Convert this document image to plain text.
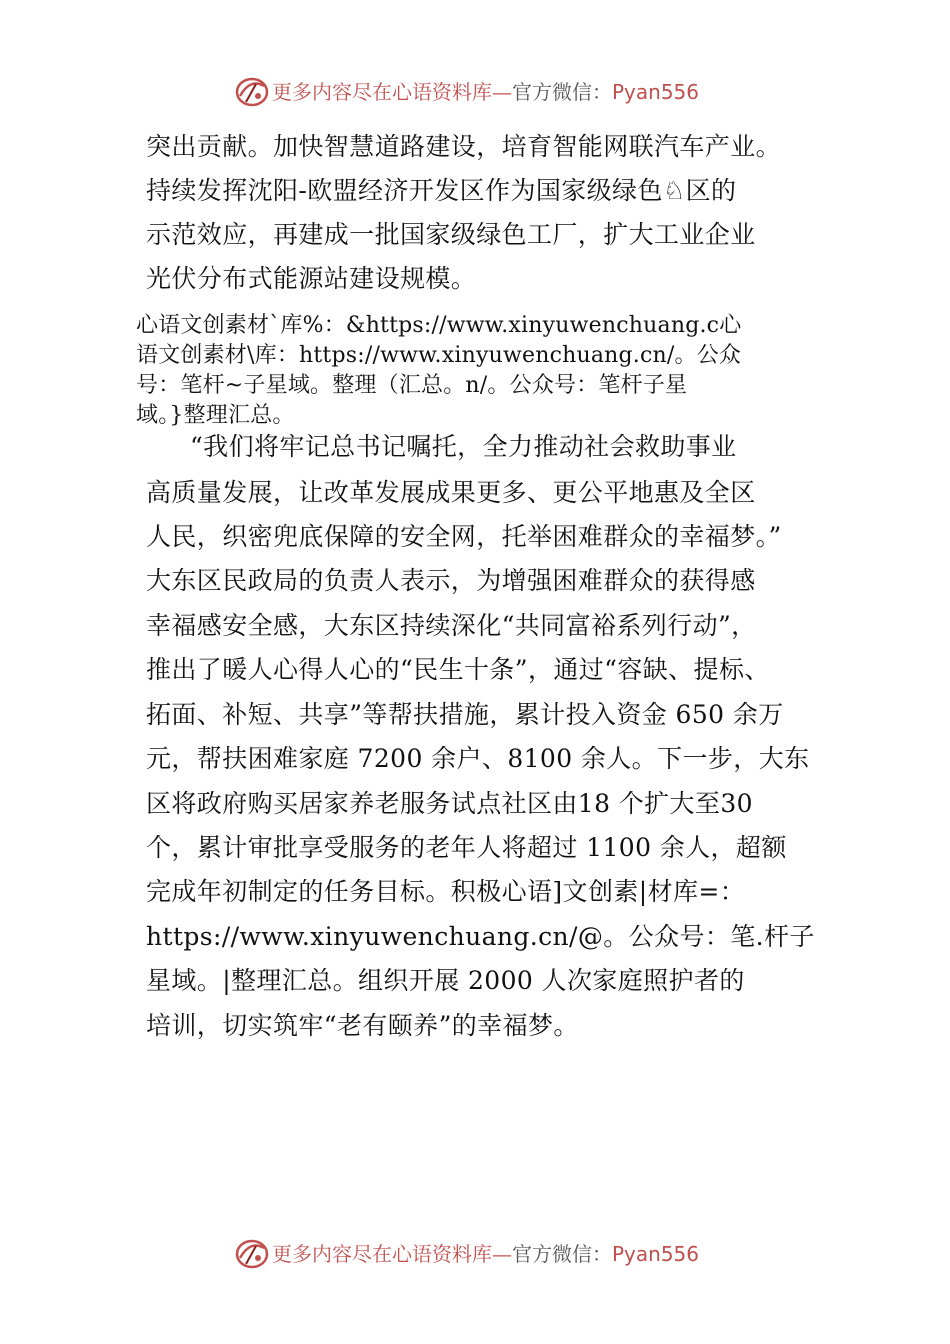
更多内容尽在心语资料库—官方微信：Pyan556
突出贡献。加快智慧道路建设，培育智能网联汽车产业。
持续发挥沈阳-欧盟经济开发区作为国家级绿色♘区的
示范效应，再建成一批国家级绿色工厂，扩大工业企业
光伏分布式能源站建设规模。
心语文创素材`库%：&https://www.xinyuwenchuang.c心
语文创素材\库：https://www.xinyuwenchuang.cn/。公众
号：笔杆~子星域。整理（汇总。n/。公众号：笔杆子星
域。}整理汇总。
“我们将牢记总书记嘱托，全力推动社会救助事业
高质量发展，让改革发展成果更多、更公平地惠及全区
人民，织密兜底保障的安全网，托举困难群众的幸福梦。”
大东区民政局的负责人表示，为增强困难群众的获得感
幸福感安全感，大东区持续深化“共同富裕系列行动”，
推出了暖人心得人心的“民生十条”，通过“容缺、提标、
拓面、补短、共享”等帮扶措施，累计投入资金 650 余万
元，帮扶困难家庭 7200 余户、8100 余人。下一步，大东
区将政府购买居家养老服务试点社区由18 个扩大至30
个，累计审批享受服务的老年人将超过 1100 余人，超额
完成年初制定的任务目标。积极心语]文创素|材库=：
https://www.xinyuwenchuang.cn/@。公众号：笔.杆子
星域。|整理汇总。组织开展 2000 人次家庭照护者的
培训，切实筑牢“老有颐养”的幸福梦。
更多内容尽在心语资料库—官方微信：Pyan556
